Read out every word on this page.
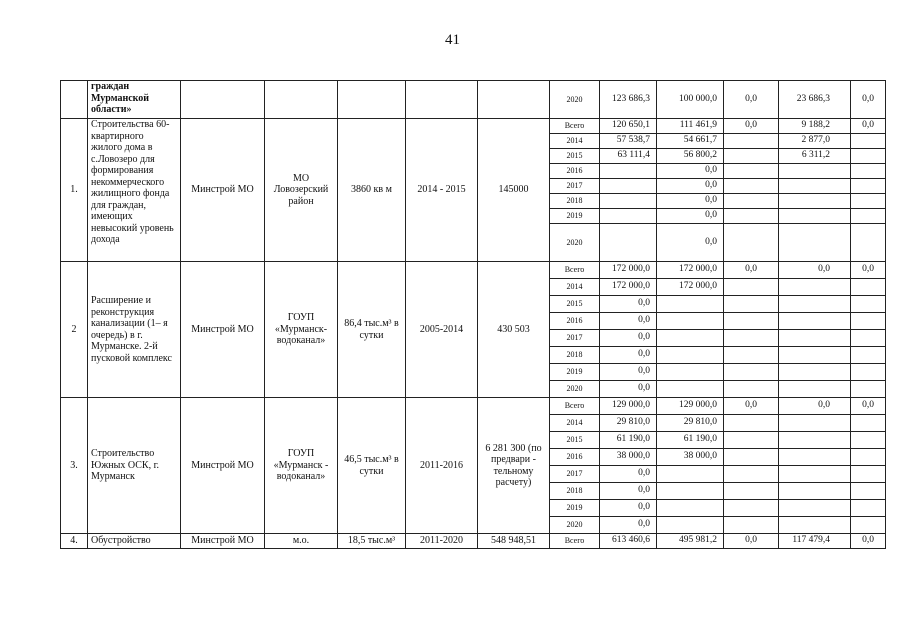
41
	граждан Мурманской области»						2020	123 686,3	100 000,0	0,0	23 686,3	0,0
1.	Строительства 60-квартирного жилого дома в с.Ловозеро для формирования некоммерческого жилищного фонда для граждан, имеющих невысокий уровень дохода	Минстрой МО	МО Ловозерский район	3860 кв м	2014 - 2015	145000	Всего	120 650,1	111 461,9	0,0	9 188,2	0,0
							2014	57 538,7	54 661,7		2 877,0	
							2015	63 111,4	56 800,2		6 311,2	
							2016		0,0			
							2017		0,0			
							2018		0,0			
							2019		0,0			
							2020		0,0			
2	Расширение и реконструкция канализации (1– я очередь) в г. Мурманске. 2-й пусковой комплекс	Минстрой МО	ГОУП «Мурманск-водоканал»	86,4 тыс.м³ в сутки	2005-2014	430 503	Всего	172 000,0	172 000,0	0,0	0,0	0,0
							2014	172 000,0	172 000,0			
							2015	0,0				
							2016	0,0				
							2017	0,0				
							2018	0,0				
							2019	0,0				
							2020	0,0				
3.	Строительство Южных ОСК, г. Мурманск	Минстрой МО	ГОУП «Мурманск - водоканал»	46,5 тыс.м³ в сутки	2011-2016	6 281 300 (по предвари - тельному расчету)	Всего	129 000,0	129 000,0	0,0	0,0	0,0
							2014	29 810,0	29 810,0			
							2015	61 190,0	61 190,0			
							2016	38 000,0	38 000,0			
							2017	0,0				
							2018	0,0				
							2019	0,0				
							2020	0,0				
4.	Обустройство	Минстрой МО	м.о.	18,5 тыс.м³	2011-2020	548 948,51	Всего	613 460,6	495 981,2	0,0	117 479,4	0,0
